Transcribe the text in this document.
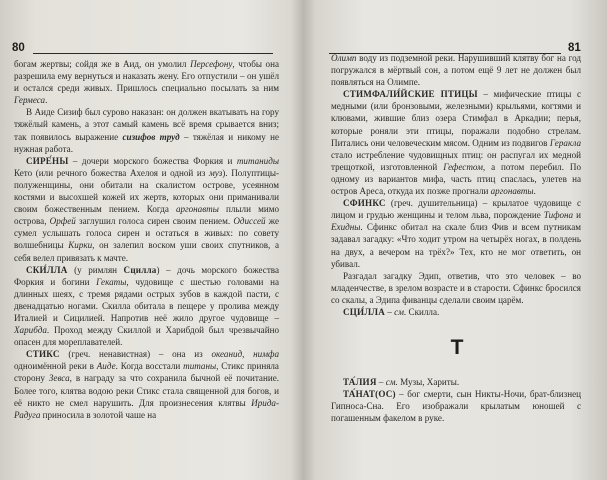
80

богам жертвы; сойдя же в Аид, он умолил Персефону, чтобы она разрешила ему вернуться и наказать жену. Его отпустили – он ушёл и остался среди живых. Пришлось специально посылать за ним Гермеса.

В Аиде Сизиф был сурово наказан: он должен вкатывать на гору тяжёлый камень, а этот самый камень всё время срывается вниз; так появилось выражение сизифов труд – тяжёлая и никому не нужная работа.

СИРЕ́НЫ – дочери морского божества Форкия и титаниды Кето (или речного божества Ахелоя и одной из муз). Полуптицы-полуженщины, они обитали на скалистом острове, усеянном костями и высохшей кожей их жертв, которых они приманивали своим божественным пением. Когда аргонавты плыли мимо острова, Орфей заглушил голоса сирен своим пением. Одиссей же сумел услышать голоса сирен и остаться в живых: по совету волшебницы Кирки, он залепил воском уши своих спутников, а себя велел привязать к мачте.

СКИ́ЛЛА (у римлян Сцилла) – дочь морского божества Форкия и богини Гекаты, чудовище с шестью головами на длинных шеях, с тремя рядами острых зубов в каждой пасти, с двенадцатью ногами. Скилла обитала в пещере у пролива между Италией и Сицилией. Напротив неё жило другое чудовище – Харибда. Проход между Скиллой и Харибдой был чрезвычайно опасен для мореплавателей.

СТИКС (греч. ненавистная) – она из океанид, нимфа одноимённой реки в Аиде. Когда восстали титаны, Стикс приняла сторону Зевса, в награду за что сохранила бычной её почитание. Более того, клятва водою реки Стикс стала священной для богов, и её никто не смел нарушить. Для произнесения клятвы Ирида-Радуга приносила в золотой чаше на

81

Олимп воду из подземной реки. Нарушивший клятву бог на год погружался в мёртвый сон, а потом ещё 9 лет не должен был появляться на Олимпе.

СТИМФАЛИ́ЙСКИЕ ПТИЦЫ – мифические птицы с медными (или бронзовыми, железными) крыльями, когтями и клювами, жившие близ озера Стимфал в Аркадии; перья, которые роняли эти птицы, поражали подобно стрелам. Питались они человеческим мясом. Одним из подвигов Геракла стало истребление чудовищных птиц: он распугал их медной трещоткой, изготовленной Гефестом, а потом перебил. По одному из вариантов мифа, часть птиц спаслась, улетев на остров Ареса, откуда их позже прогнали аргонавты.

СФИНКС (греч. душительница) – крылатое чудовище с лицом и грудью женщины и телом льва, порождение Тифона и Ехидны. Сфинкс обитал на скале близ Фив и всем путникам задавал загадку: «Что ходит утром на четырёх ногах, в полдень на двух, а вечером на трёх?» Тех, кто не мог ответить, он убивал.

Разгадал загадку Эдип, ответив, что это человек – во младенчестве, в зрелом возрасте и в старости. Сфинкс бросился со скалы, а Эдипа фиванцы сделали своим царём.

СЦИ́ЛЛА – см. Скилла.

Т

ТА́ЛИЯ – см. Музы, Хариты.

ТА́НАТ(ОС) – бог смерти, сын Никты-Ночи, брат-близнец Гипноса-Сна. Его изображали крылатым юношей с погашенным факелом в руке.
